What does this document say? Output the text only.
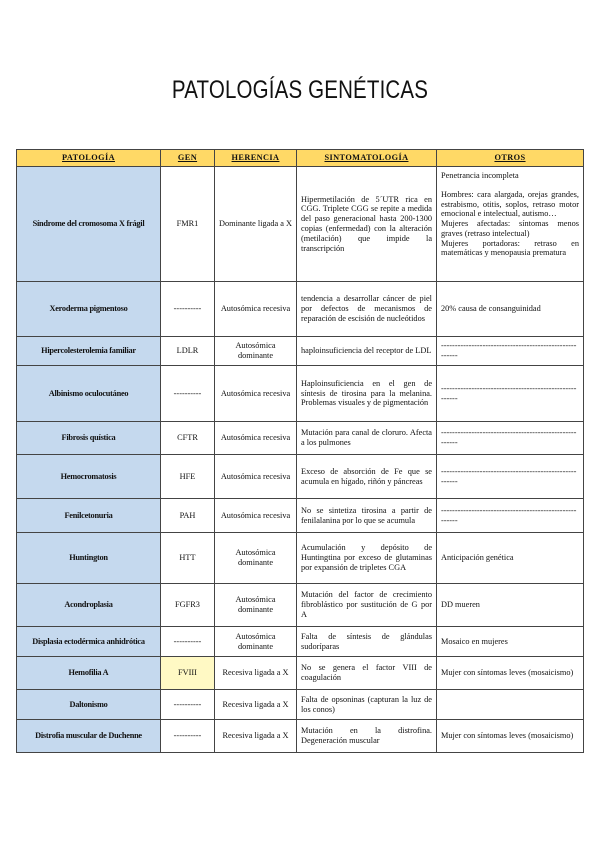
PATOLOGÍAS GENÉTICAS
PATOLOGÍA	GEN	HERENCIA	SINTOMATOLOGÍA	OTROS
Síndrome del cromosoma X frágil	FMR1	Dominante ligada a X	Hipermetilación de 5´UTR rica en CGG. Triplete CGG se repite a medida del paso generacional hasta 200-1300 copias (enfermedad) con la alteración (metilación) que impide la transcripción	Penetrancia incompleta
Hombres: cara alargada, orejas grandes, estrabismo, otitis, soplos, retraso motor emocional e intelectual, autismo…
Mujeres afectadas: síntomas menos graves (retraso intelectual)
Mujeres portadoras: retraso en matemáticas y menopausia prematura

Xeroderma pigmentoso	----------	Autosómica recesiva	tendencia a desarrollar cáncer de piel por defectos de mecanismos de reparación de escisión de nucleótidos	20% causa de consanguinidad
Hipercolesterolemia familiar	LDLR	Autosómica dominante	haploinsuficiencia del receptor de LDL	-------------------------------------------------------
Albinismo oculocutáneo	----------	Autosómica recesiva	Haploinsuficiencia en el gen de síntesis de tirosina para la melanina. Problemas visuales y de pigmentación	-------------------------------------------------------
Fibrosis quística	CFTR	Autosómica recesiva	Mutación para canal de cloruro. Afecta a los pulmones	-------------------------------------------------------
Hemocromatosis	HFE	Autosómica recesiva	Exceso de absorción de Fe que se acumula en hígado, riñón y páncreas	-------------------------------------------------------
Fenilcetonuria	PAH	Autosómica recesiva	No se sintetiza tirosina a partir de fenilalanina por lo que se acumula	-------------------------------------------------------
Huntington	HTT	Autosómica dominante	Acumulación y depósito de Huntingtina por exceso de glutaminas por expansión de tripletes CGA	Anticipación genética
Acondroplasia	FGFR3	Autosómica dominante	Mutación del factor de crecimiento fibroblástico por sustitución de G por A	DD mueren
Displasia ectodérmica anhidrótica	----------	Autosómica dominante	Falta de síntesis de glándulas sudoríparas	Mosaico en mujeres
Hemofilia A	FVIII	Recesiva ligada a X	No se genera el factor VIII de coagulación	Mujer con síntomas leves (mosaicismo)
Daltonismo	----------	Recesiva ligada a X	Falta de opsoninas (capturan la luz de los conos)	
Distrofia muscular de Duchenne	----------	Recesiva ligada a X	Mutación en la distrofina. Degeneración muscular	Mujer con síntomas leves (mosaicismo)
